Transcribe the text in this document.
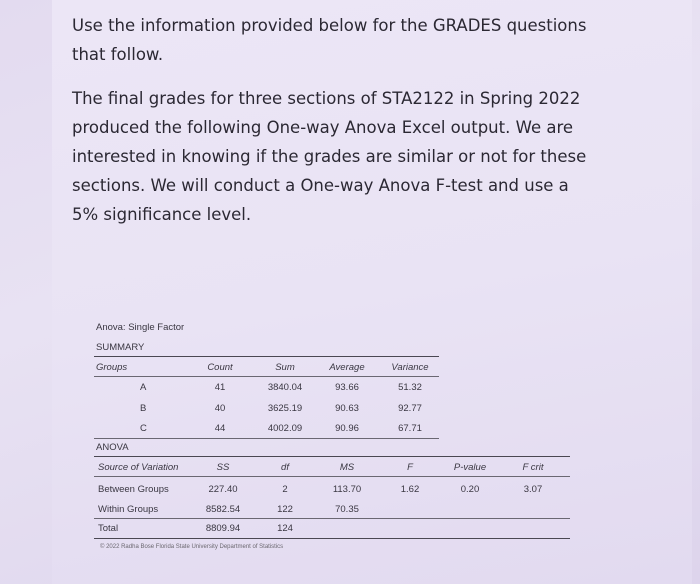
Use the information provided below for the GRADES questions that follow.

The final grades for three sections of STA2122 in Spring 2022 produced the following One-way Anova Excel output. We are interested in knowing if the grades are similar or not for these sections. We will conduct a One-way Anova F-test and use a 5% significance level.

Anova: Single Factor
SUMMARY
Groups	Count	Sum	Average	Variance
A	41	3840.04	93.66	51.32
B	40	3625.19	90.63	92.77
C	44	4002.09	90.96	67.71
ANOVA
Source of Variation	SS	df	MS	F	P-value	F crit
Between Groups	227.40	2	113.70	1.62	0.20	3.07
Within Groups	8582.54	122	70.35
Total	8809.94	124
© 2022 Radha Bose Florida State University Department of Statistics
